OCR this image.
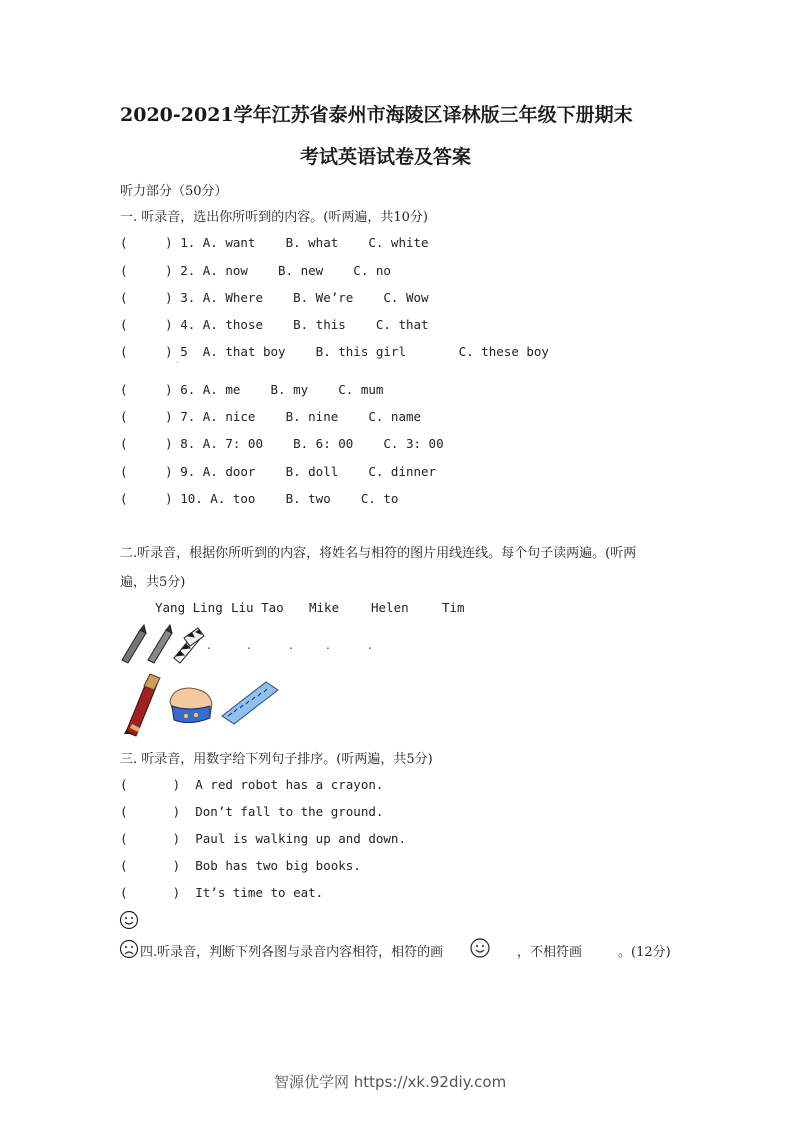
2020-2021学年江苏省泰州市海陵区译林版三年级下册期末
考试英语试卷及答案
听力部分（50分）
一. 听录音，选出你所听到的内容。(听两遍，共10分)
(     ) 1. A. want    B. what    C. white
(     ) 2. A. now    B. new    C. no
(     ) 3. A. Where    B. We’re    C. Wow
(     ) 4. A. those    B. this    C. that
(     ) 5  A. that boy    B. this girl       C. these boy
·
(     ) 6. A. me    B. my    C. mum
(     ) 7. A. nice    B. nine    C. name
(     ) 8. A. 7: 00    B. 6: 00    C. 3: 00
(     ) 9. A. door    B. doll    C. dinner
(     ) 10. A. too    B. two    C. to
二.听录音，根据你所听到的内容，将姓名与相符的图片用线连线。每个句子读两遍。(听两
遍，共5分)
Yang Ling Liu Tao Mike	Helen	Tim
.	.	.	.	.
三. 听录音，用数字给下列句子排序。(听两遍，共5分)
(      )  A red robot has a crayon.
(      )  Don’t fall to the ground.
(      )  Paul is walking up and down.
(      )  Bob has two big books.
(      )  It’s time to eat.
四.听录音，判断下列各图与录音内容相符，相符的画	，不相符画	。(12分)
智源优学网 https://xk.92diy.com
